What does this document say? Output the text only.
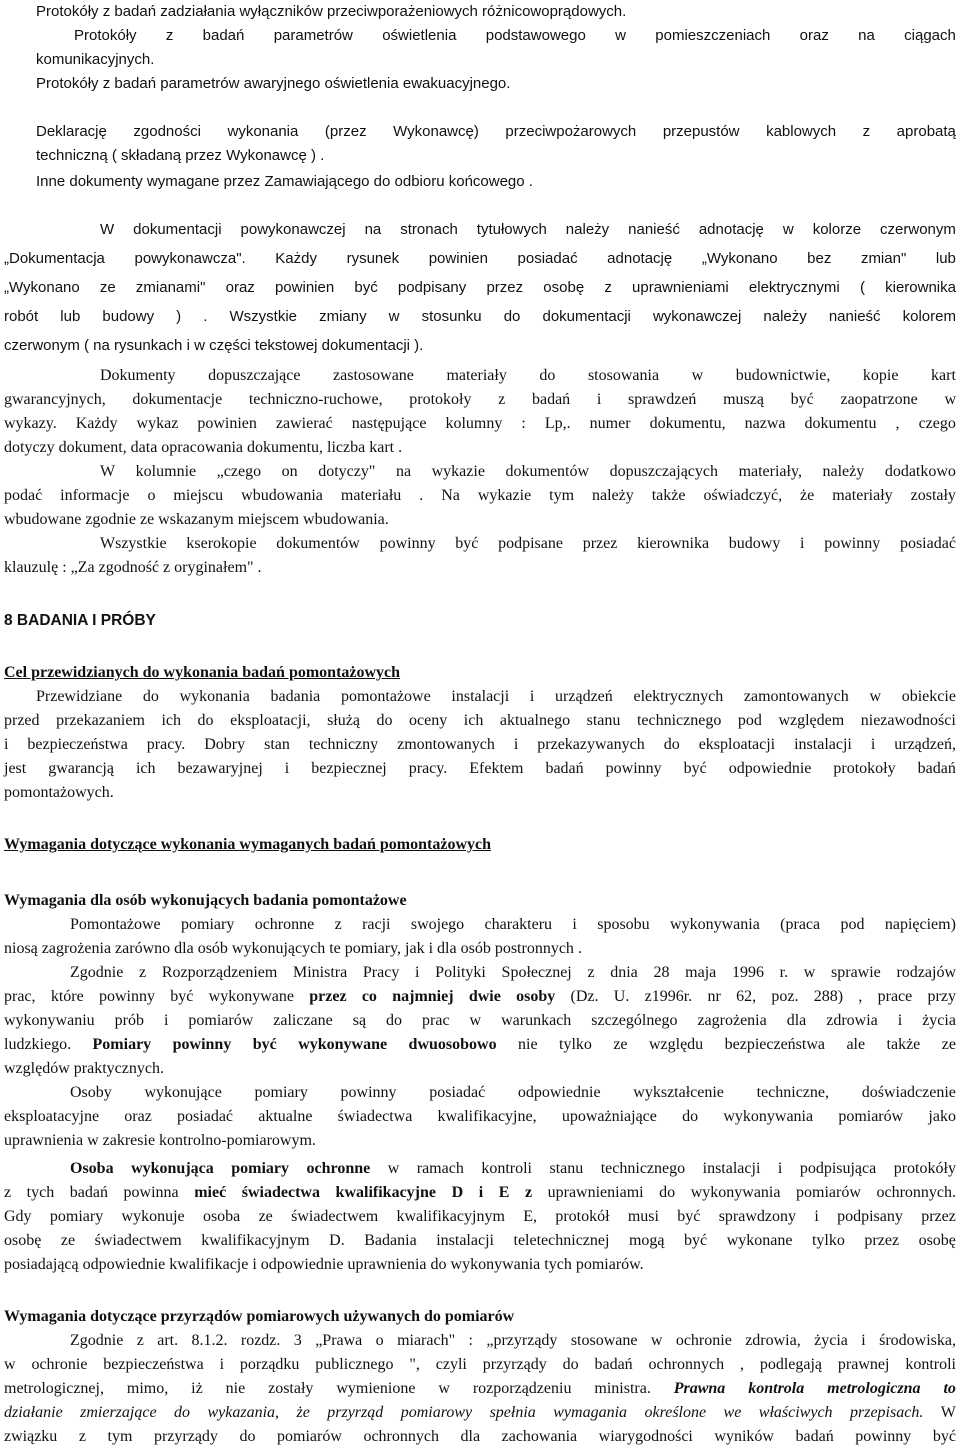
Protokóły z badań zadziałania wyłączników przeciwporażeniowych różnicowoprądowych.
Protokóły z badań parametrów oświetlenia podstawowego w pomieszczeniach oraz na ciągach
komunikacyjnych.
Protokóły z badań parametrów awaryjnego oświetlenia ewakuacyjnego.
Deklarację zgodności wykonania (przez Wykonawcę) przeciwpożarowych przepustów kablowych z aprobatą
techniczną ( składaną przez Wykonawcę ) .
Inne dokumenty wymagane przez Zamawiającego do odbioru końcowego .
W dokumentacji powykonawczej na stronach tytułowych należy nanieść adnotację w kolorze czerwonym
„Dokumentacja powykonawcza". Każdy rysunek powinien posiadać adnotację „Wykonano bez zmian" lub
„Wykonano ze zmianami" oraz powinien być podpisany przez osobę z uprawnieniami elektrycznymi ( kierownika
robót lub budowy ) . Wszystkie zmiany w stosunku do dokumentacji wykonawczej należy nanieść kolorem
czerwonym ( na rysunkach i w części tekstowej dokumentacji ).
Dokumenty dopuszczające zastosowane materiały do stosowania w budownictwie, kopie kart
gwarancyjnych, dokumentacje techniczno-ruchowe, protokoły z badań i sprawdzeń muszą być zaopatrzone w
wykazy. Każdy wykaz powinien zawierać następujące kolumny : Lp,. numer dokumentu, nazwa dokumentu , czego
dotyczy dokument, data opracowania dokumentu, liczba kart .
W kolumnie „czego on dotyczy" na wykazie dokumentów dopuszczających materiały, należy dodatkowo
podać informacje o miejscu wbudowania materiału . Na wykazie tym należy także oświadczyć, że materiały zostały
wbudowane zgodnie ze wskazanym miejscem wbudowania.
Wszystkie kserokopie dokumentów powinny być podpisane przez kierownika budowy i powinny posiadać
klauzulę : „Za zgodność z oryginałem" .
8 BADANIA I PRÓBY
Cel przewidzianych do wykonania badań pomontażowych
Przewidziane do wykonania badania pomontażowe instalacji i urządzeń elektrycznych zamontowanych w obiekcie
przed przekazaniem ich do eksploatacji, służą do oceny ich aktualnego stanu technicznego pod względem niezawodności
i bezpieczeństwa pracy. Dobry stan techniczny zmontowanych i przekazywanych do eksploatacji instalacji i urządzeń,
jest gwarancją ich bezawaryjnej i bezpiecznej pracy. Efektem badań powinny być odpowiednie protokoły badań
pomontażowych.
Wymagania dotyczące wykonania wymaganych badań pomontażowych
Wymagania dla osób wykonujących badania pomontażowe
Pomontażowe pomiary ochronne z racji swojego charakteru i sposobu wykonywania (praca pod napięciem)
niosą zagrożenia zarówno dla osób wykonujących te pomiary, jak i dla osób postronnych .
Zgodnie z Rozporządzeniem Ministra Pracy i Polityki Społecznej z dnia 28 maja 1996 r. w sprawie rodzajów
prac, które powinny być wykonywane przez co najmniej dwie osoby (Dz. U. z1996r. nr 62, poz. 288) , prace przy
wykonywaniu prób i pomiarów zaliczane są do prac w warunkach szczególnego zagrożenia dla zdrowia i życia
ludzkiego. Pomiary powinny być wykonywane dwuosobowo nie tylko ze względu bezpieczeństwa ale także ze
względów praktycznych.
Osoby wykonujące pomiary powinny posiadać odpowiednie wykształcenie techniczne, doświadczenie
eksploatacyjne oraz posiadać aktualne świadectwa kwalifikacyjne, upoważniające do wykonywania pomiarów jako
uprawnienia w zakresie kontrolno-pomiarowym.
Osoba wykonująca pomiary ochronne w ramach kontroli stanu technicznego instalacji i podpisująca protokóły
z tych badań powinna mieć świadectwa kwalifikacyjne D i E z uprawnieniami do wykonywania pomiarów ochronnych.
Gdy pomiary wykonuje osoba ze świadectwem kwalifikacyjnym E, protokół musi być sprawdzony i podpisany przez
osobę ze świadectwem kwalifikacyjnym D. Badania instalacji teletechnicznej mogą być wykonane tylko przez osobę
posiadającą odpowiednie kwalifikacje i odpowiednie uprawnienia do wykonywania tych pomiarów.
Wymagania dotyczące przyrządów pomiarowych używanych do pomiarów
Zgodnie z art. 8.1.2. rozdz. 3 „Prawa o miarach" : „przyrządy stosowane w ochronie zdrowia, życia i środowiska,
w ochronie bezpieczeństwa i porządku publicznego ", czyli przyrządy do badań ochronnych , podlegają prawnej kontroli
metrologicznej, mimo, iż nie zostały wymienione w rozporządzeniu ministra. Prawna kontrola metrologiczna to
działanie zmierzające do wykazania, że przyrząd pomiarowy spełnia wymagania określone we właściwych przepisach. W
związku z tym przyrządy do pomiarów ochronnych dla zachowania wiarygodności wyników badań powinny być
